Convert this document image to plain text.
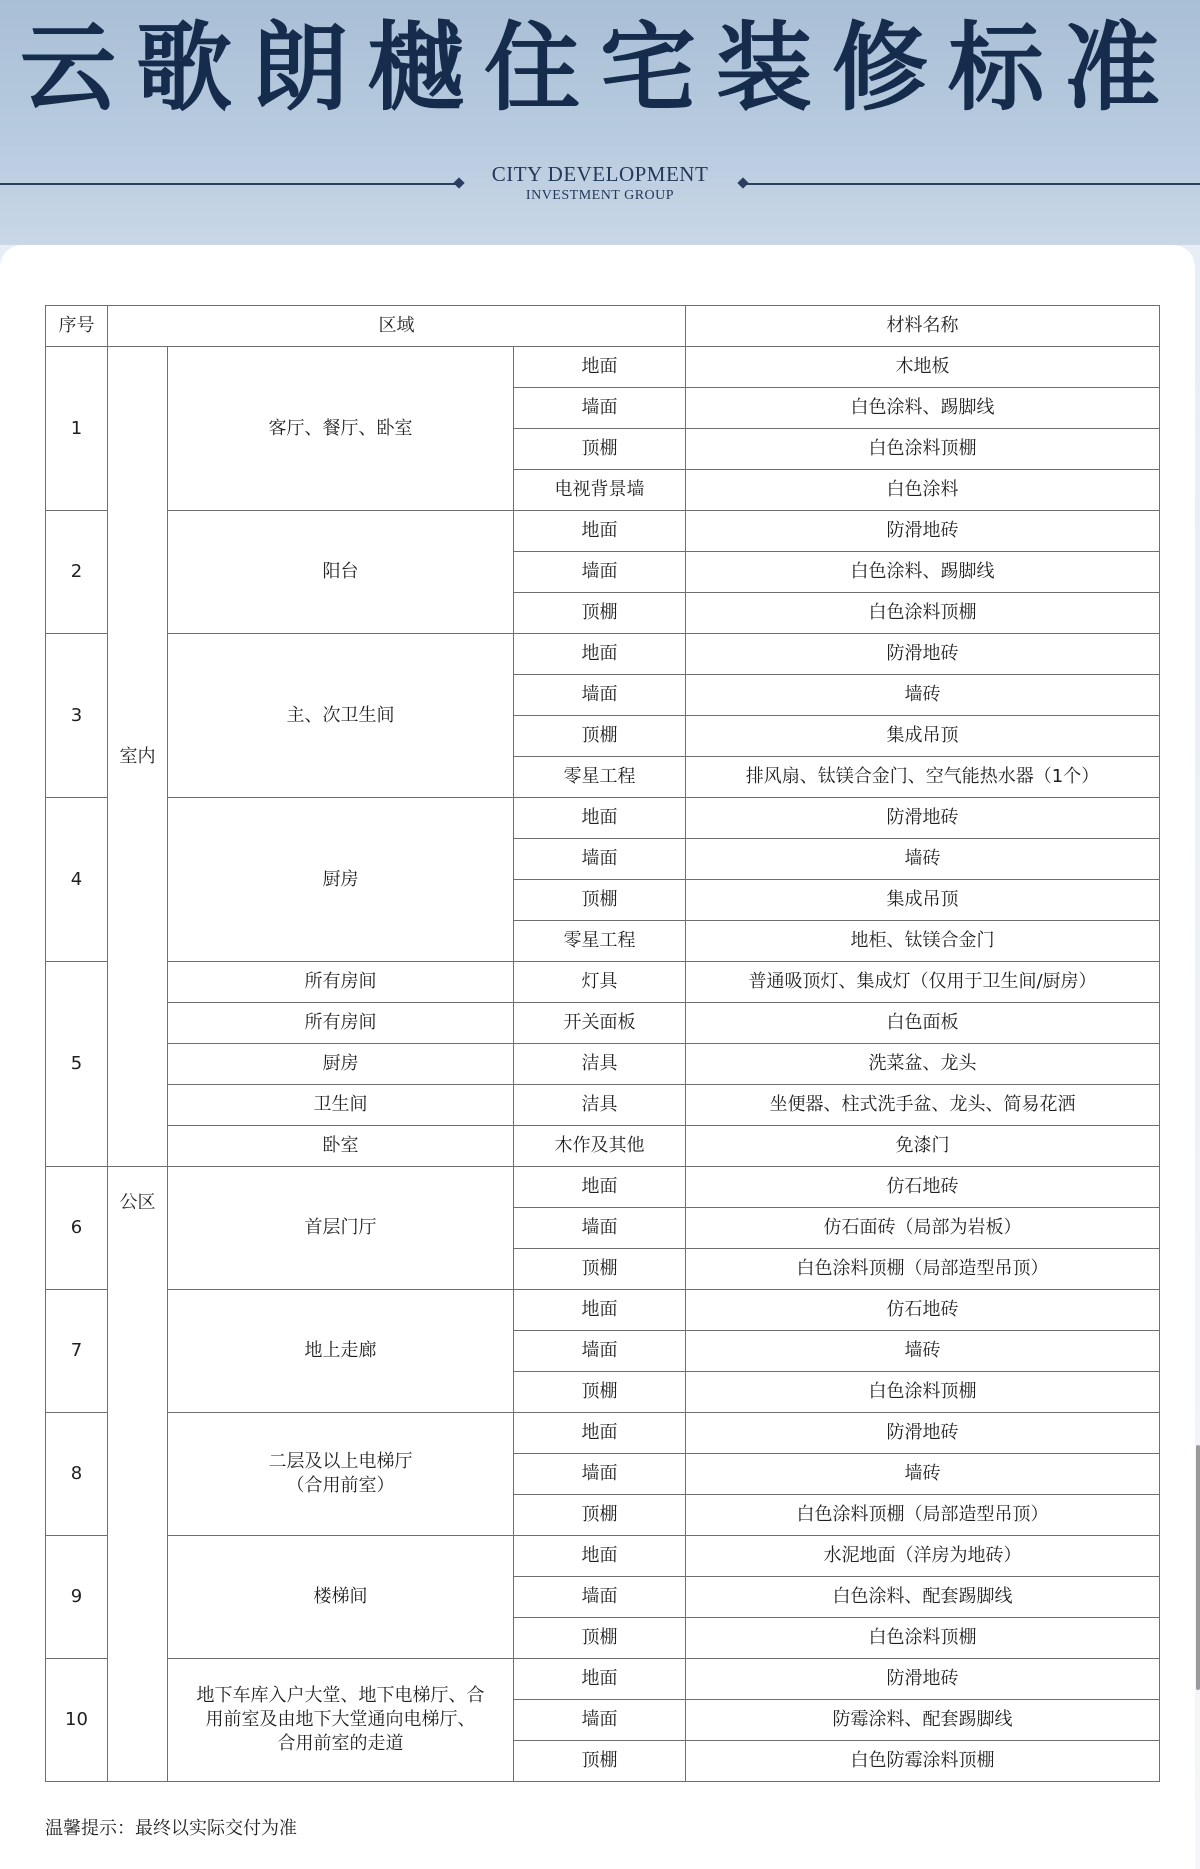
云歌朗樾住宅装修标准
CITY DEVELOPMENT
INVESTMENT GROUP
序号	区域			材料名称
1	室内	客厅、餐厅、卧室	地面	木地板
			墙面	白色涂料、踢脚线
			顶棚	白色涂料顶棚
			电视背景墙	白色涂料
2		阳台	地面	防滑地砖
			墙面	白色涂料、踢脚线
			顶棚	白色涂料顶棚
3		主、次卫生间	地面	防滑地砖
			墙面	墙砖
			顶棚	集成吊顶
			零星工程	排风扇、钛镁合金门、空气能热水器（1个）
4		厨房	地面	防滑地砖
			墙面	墙砖
			顶棚	集成吊顶
			零星工程	地柜、钛镁合金门
5		所有房间	灯具	普通吸顶灯、集成灯（仅用于卫生间/厨房）
		所有房间	开关面板	白色面板
		厨房	洁具	洗菜盆、龙头
		卫生间	洁具	坐便器、柱式洗手盆、龙头、简易花洒
		卧室	木作及其他	免漆门
6	公区	首层门厅	地面	仿石地砖
			墙面	仿石面砖（局部为岩板）
			顶棚	白色涂料顶棚（局部造型吊顶）
7		地上走廊	地面	仿石地砖
			墙面	墙砖
			顶棚	白色涂料顶棚
8		二层及以上电梯厅
（合用前室）	地面	防滑地砖
			墙面	墙砖
			顶棚	白色涂料顶棚（局部造型吊顶）
9		楼梯间	地面	水泥地面（洋房为地砖）
			墙面	白色涂料、配套踢脚线
			顶棚	白色涂料顶棚
10		地下车库入户大堂、地下电梯厅、合
用前室及由地下大堂通向电梯厅、
合用前室的走道	地面	防滑地砖
			墙面	防霉涂料、配套踢脚线
			顶棚	白色防霉涂料顶棚
温馨提示：最终以实际交付为准
